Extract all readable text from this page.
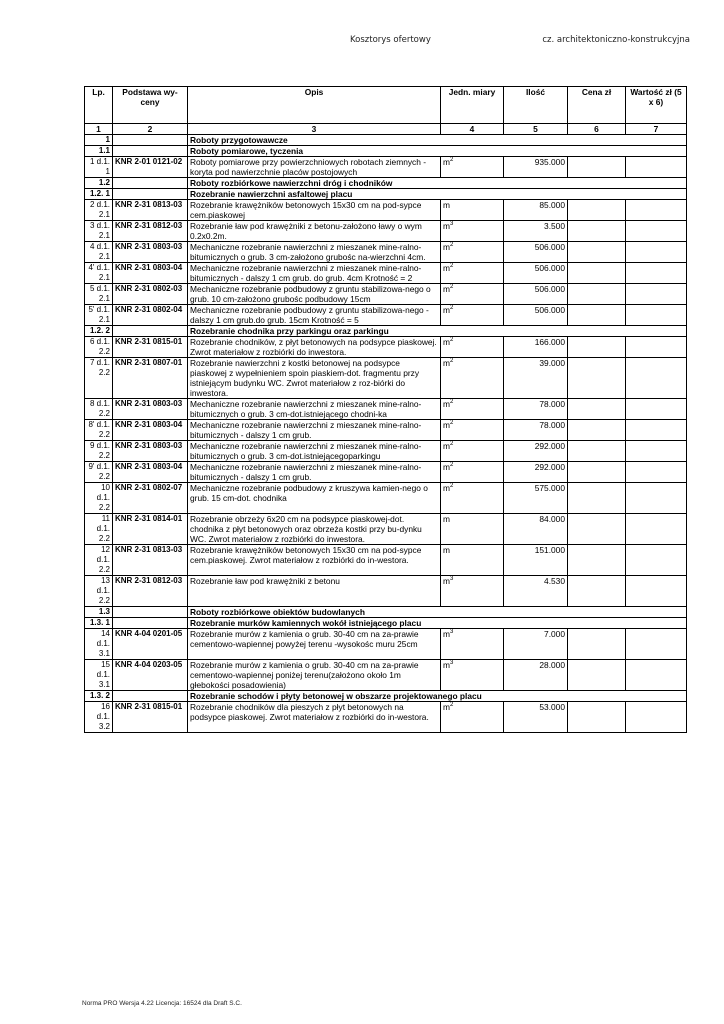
Kosztorys ofertowy	cz. architektoniczno-konstrukcyjna
Lp.	Podstawa wy-ceny	Opis	Jedn. miary	Ilość	Cena zł	Wartość zł (5 x 6)
1	2	3	4	5	6	7
1		Roboty przygotowawcze				
1.1		Roboty pomiarowe, tyczenia				
1 d.1. 1	KNR 2-01 0121-02	Roboty pomiarowe przy powierzchniowych robotach ziemnych - koryta pod nawierzchnie placów postojowych	$m^2$	935.000		
1.2		Roboty rozbiórkowe nawierzchni dróg i chodników				
1.2. 1		Rozebranie nawierzchni asfaltowej placu				
2 d.1. 2.1	KNR 2-31 0813-03	Rozebranie krawężników betonowych 15x30 cm na pod-sypce cem.piaskowej	m	85.000		
3 d.1. 2.1	KNR 2-31 0812-03	Rozebranie ław pod krawężniki z betonu-założono ławy o wym 0.2x0.2m.	$m^3$	3.500		
4 d.1. 2.1	KNR 2-31 0803-03	Mechaniczne rozebranie nawierzchni z mieszanek mine-ralno-bitumicznych o grub. 3 cm-założono grubośc na-wierzchni 4cm.	$m^2$	506.000		
4' d.1. 2.1	KNR 2-31 0803-04	Mechaniczne rozebranie nawierzchni z mieszanek mine-ralno-bitumicznych - dalszy 1 cm grub. do grub. 4cm Krotność = 2	$m^2$	506.000		
5 d.1. 2.1	KNR 2-31 0802-03	Mechaniczne rozebranie podbudowy z gruntu stabilizowa-nego o grub. 10 cm-założono grubośc podbudowy 15cm	$m^2$	506.000		
5' d.1. 2.1	KNR 2-31 0802-04	Mechaniczne rozebranie podbudowy z gruntu stabilizowa-nego - dalszy 1 cm grub.do grub. 15cm Krotność = 5	$m^2$	506.000		
1.2. 2		Rozebranie chodnika przy parkingu oraz parkingu				
6 d.1. 2.2	KNR 2-31 0815-01	Rozebranie chodników, z płyt betonowych na podsypce piaskowej. Zwrot materiałow z rozbiórki do inwestora.	$m^2$	166.000		
7 d.1. 2.2	KNR 2-31 0807-01	Rozebranie nawierzchni z kostki betonowej na podsypce piaskowej z wypełnieniem spoin piaskiem-dot. fragmentu przy istniejącym budynku WC. Zwrot materiałow z roz-biórki do inwestora.	$m^2$	39.000		
8 d.1. 2.2	KNR 2-31 0803-03	Mechaniczne rozebranie nawierzchni z mieszanek mine-ralno-bitumicznych o grub. 3 cm-dot.istniejącego chodni-ka	$m^2$	78.000		
8' d.1. 2.2	KNR 2-31 0803-04	Mechaniczne rozebranie nawierzchni z mieszanek mine-ralno-bitumicznych - dalszy 1 cm grub.	$m^2$	78.000		
9 d.1. 2.2	KNR 2-31 0803-03	Mechaniczne rozebranie nawierzchni z mieszanek mine-ralno-bitumicznych o grub. 3 cm-dot.istniejącegoparkingu	$m^2$	292.000		
9' d.1. 2.2	KNR 2-31 0803-04	Mechaniczne rozebranie nawierzchni z mieszanek mine-ralno-bitumicznych - dalszy 1 cm grub.	$m^2$	292.000		
10 d.1. 2.2	KNR 2-31 0802-07	Mechaniczne rozebranie podbudowy z kruszywa kamien-nego o grub. 15 cm-dot. chodnika	$m^2$	575.000		
11 d.1. 2.2	KNR 2-31 0814-01	Rozebranie obrzeży 6x20 cm na podsypce piaskowej-dot. chodnika z płyt betonowych oraz obrzeża kostki przy bu-dynku WC. Zwrot materiałow z rozbiórki do inwestora.	m	84.000		
12 d.1. 2.2	KNR 2-31 0813-03	Rozebranie krawężników betonowych 15x30 cm na pod-sypce cem.piaskowej. Zwrot materiałow z rozbiórki do in-westora.	m	151.000		
13 d.1. 2.2	KNR 2-31 0812-03	Rozebranie ław pod krawężniki z betonu	$m^3$	4.530		
1.3		Roboty rozbiórkowe obiektów budowlanych				
1.3. 1		Rozebranie murków kamiennych wokół istniejącego placu				
14 d.1. 3.1	KNR 4-04 0201-05	Rozebranie murów z kamienia o grub. 30-40 cm na za-prawie cementowo-wapiennej powyżej terenu -wysokośc muru 25cm	$m^3$	7.000		
15 d.1. 3.1	KNR 4-04 0203-05	Rozebranie murów z kamienia o grub. 30-40 cm na za-prawie cementowo-wapiennej poniżej terenu(założono około 1m głebokości posadowienia)	$m^3$	28.000		
1.3. 2		Rozebranie schodów i płyty betonowej w obszarze projektowanego placu				
16 d.1. 3.2	KNR 2-31 0815-01	Rozebranie chodników dla pieszych z płyt betonowych na podsypce piaskowej. Zwrot materiałow z rozbiórki do in-westora.	$m^2$	53.000		
Norma PRO Wersja 4.22 Licencja: 16524 dla Draft S.C.
